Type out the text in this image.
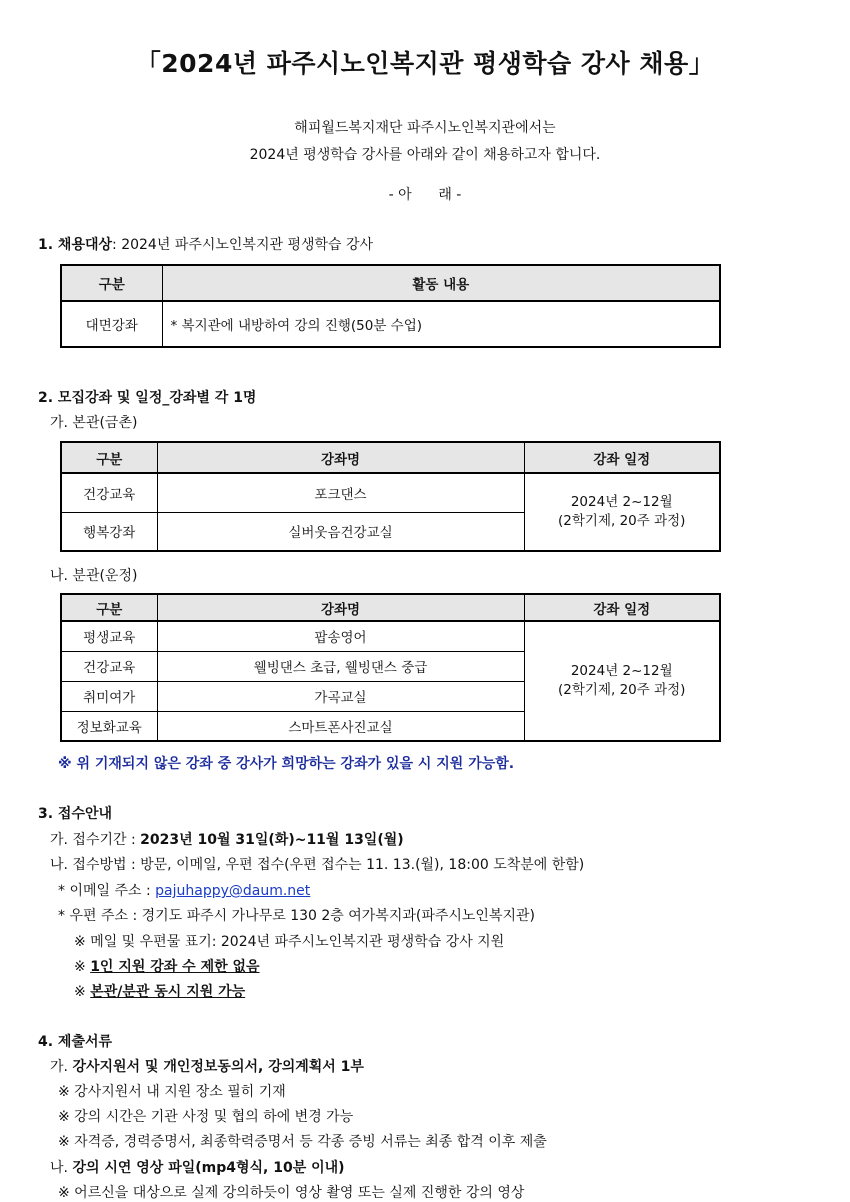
「2024년 파주시노인복지관 평생학습 강사 채용」
해피월드복지재단 파주시노인복지관에서는
2024년 평생학습 강사를 아래와 같이 채용하고자 합니다.
- 아      래 -
1. 채용대상: 2024년 파주시노인복지관 평생학습 강사
구분	활동 내용
대면강좌	* 복지관에 내방하여 강의 진행(50분 수업)
2. 모집강좌 및 일정_강좌별 각 1명
가. 본관(금촌)
구분	강좌명	강좌 일정
건강교육	포크댄스	2024년 2~12월
(2학기제, 20주 과정)

행복강좌	실버웃음건강교실	
나. 분관(운정)
구분	강좌명	강좌 일정
평생교육	팝송영어	2024년 2~12월
(2학기제, 20주 과정)

건강교육	웰빙댄스 초급, 웰빙댄스 중급	
취미여가	가곡교실	
정보화교육	스마트폰사진교실	
※ 위 기재되지 않은 강좌 중 강사가 희망하는 강좌가 있을 시 지원 가능함.
3. 접수안내
가. 접수기간 : 2023년 10월 31일(화)~11월 13일(월)
나. 접수방법 : 방문, 이메일, 우편 접수(우편 접수는 11. 13.(월), 18:00 도착분에 한함)
* 이메일 주소 : pajuhappy@daum.net
* 우편 주소 : 경기도 파주시 가나무로 130 2층 여가복지과(파주시노인복지관)
※ 메일 및 우편물 표기: 2024년 파주시노인복지관 평생학습 강사 지원
※ 1인 지원 강좌 수 제한 없음
※ 본관/분관 동시 지원 가능
4. 제출서류
가. 강사지원서 및 개인정보동의서, 강의계획서 1부
※ 강사지원서 내 지원 장소 필히 기재
※ 강의 시간은 기관 사정 및 협의 하에 변경 가능
※ 자격증, 경력증명서, 최종학력증명서 등 각종 증빙 서류는 최종 합격 이후 제출
나. 강의 시연 영상 파일(mp4형식, 10분 이내)
※ 어르신을 대상으로 실제 강의하듯이 영상 촬영 또는 실제 진행한 강의 영상
